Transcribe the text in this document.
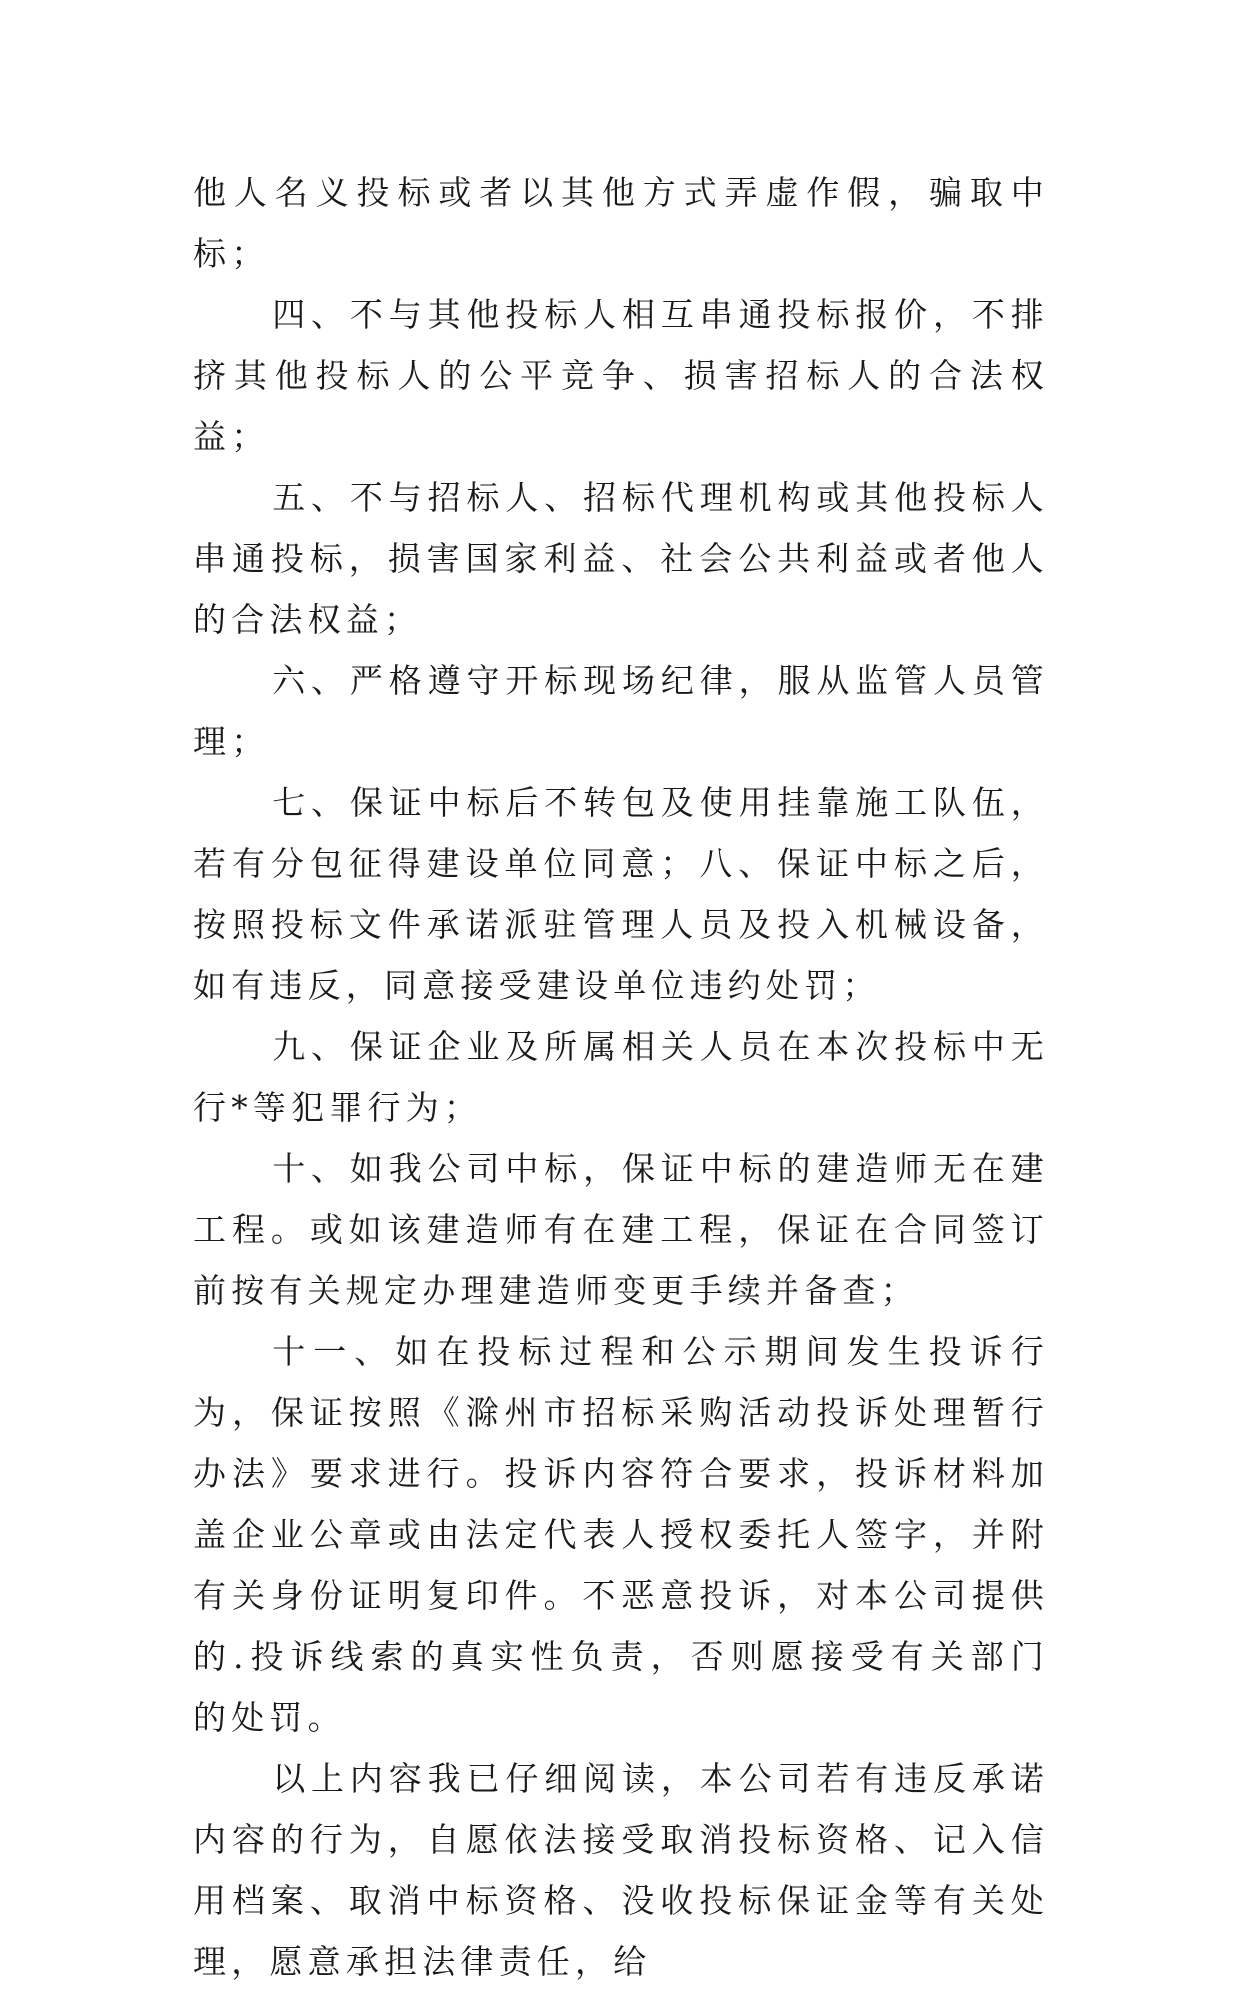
他人名义投标或者以其他方式弄虚作假，骗取中标；

四、不与其他投标人相互串通投标报价，不排挤其他投标人的公平竞争、损害招标人的合法权益；

五、不与招标人、招标代理机构或其他投标人串通投标，损害国家利益、社会公共利益或者他人的合法权益；

六、严格遵守开标现场纪律，服从监管人员管理；

七、保证中标后不转包及使用挂靠施工队伍，若有分包征得建设单位同意；八、保证中标之后，按照投标文件承诺派驻管理人员及投入机械设备，如有违反，同意接受建设单位违约处罚；

九、保证企业及所属相关人员在本次投标中无行*等犯罪行为；

十、如我公司中标，保证中标的建造师无在建工程。或如该建造师有在建工程，保证在合同签订前按有关规定办理建造师变更手续并备查；

十一、如在投标过程和公示期间发生投诉行为，保证按照《滁州市招标采购活动投诉处理暂行办法》要求进行。投诉内容符合要求，投诉材料加盖企业公章或由法定代表人授权委托人签字，并附有关身份证明复印件。不恶意投诉，对本公司提供的.投诉线索的真实性负责，否则愿接受有关部门的处罚。

以上内容我已仔细阅读，本公司若有违反承诺内容的行为，自愿依法接受取消投标资格、记入信用档案、取消中标资格、没收投标保证金等有关处理，愿意承担法律责任，给
